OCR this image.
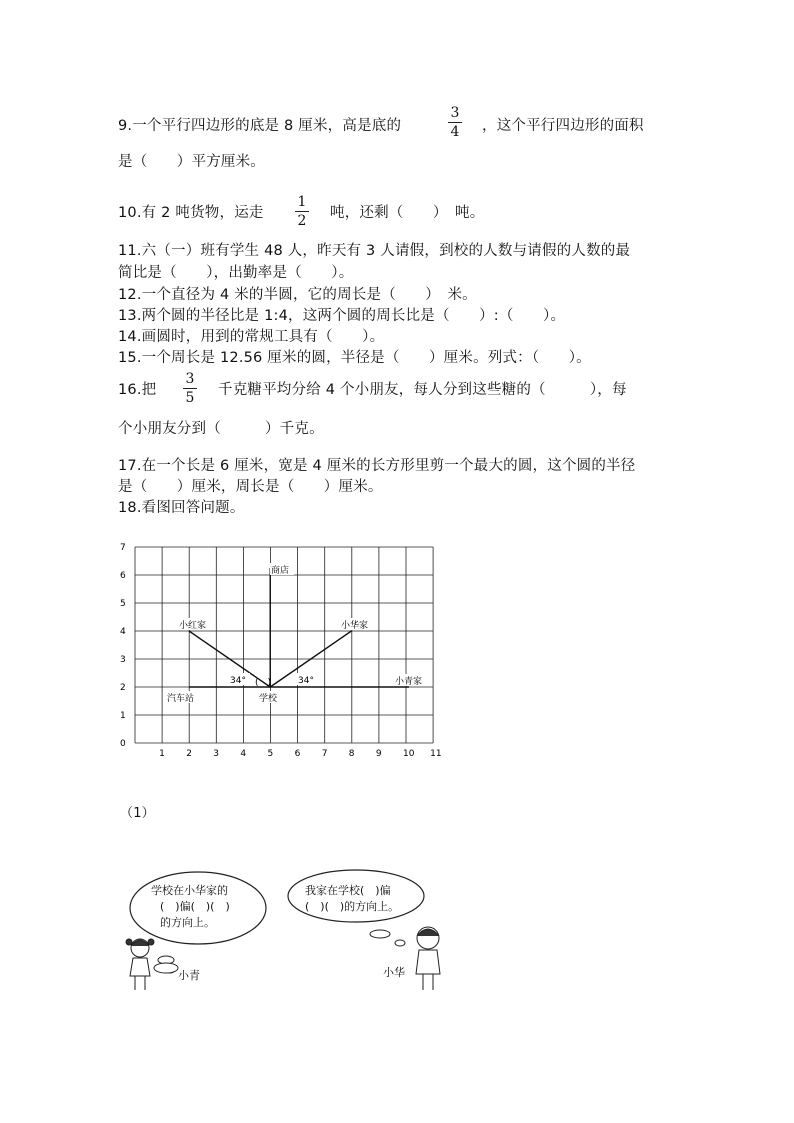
9.一个平行四边形的底是 8 厘米，高是底的
3
4 ，这个平行四边形的面积
是（　　）平方厘米。
10.有 2 吨货物，运走
1
2 吨，还剩（　　）　吨。
11.六（一）班有学生 48 人，昨天有 3 人请假，到校的人数与请假的人数的最
简比是（　　），出勤率是（　　）。
12.一个直径为 4 米的半圆，它的周长是（　　）　米。
13.两个圆的半径比是 1:4，这两个圆的周长比是（　　）:（　　）。
14.画圆时，用到的常规工具有（　　）。
15.一个周长是 12.56 厘米的圆，半径是（　　）厘米。列式：（　　）。
16.把
3
5 千克糖平均分给 4 个小朋友，每人分到这些糖的（　　　），每
个小朋友分到（　　　）千克。
17.在一个长是 6 厘米，宽是 4 厘米的长方形里剪一个最大的圆，这个圆的半径
是（　　）厘米，周长是（　　）厘米。
18.看图回答问题。
1 2 3 4 5 6 7 8 9 10 11
0
1
2
3
4
5
6
7
商店
小红家	小华家
小青家
汽车站	学校
34°	34°
(　)
（1）
学校在小华家的
(　)偏(　)(　)
的方向上。
我家在学校(　)偏
(　)(　)的方向上。
小青	小华
